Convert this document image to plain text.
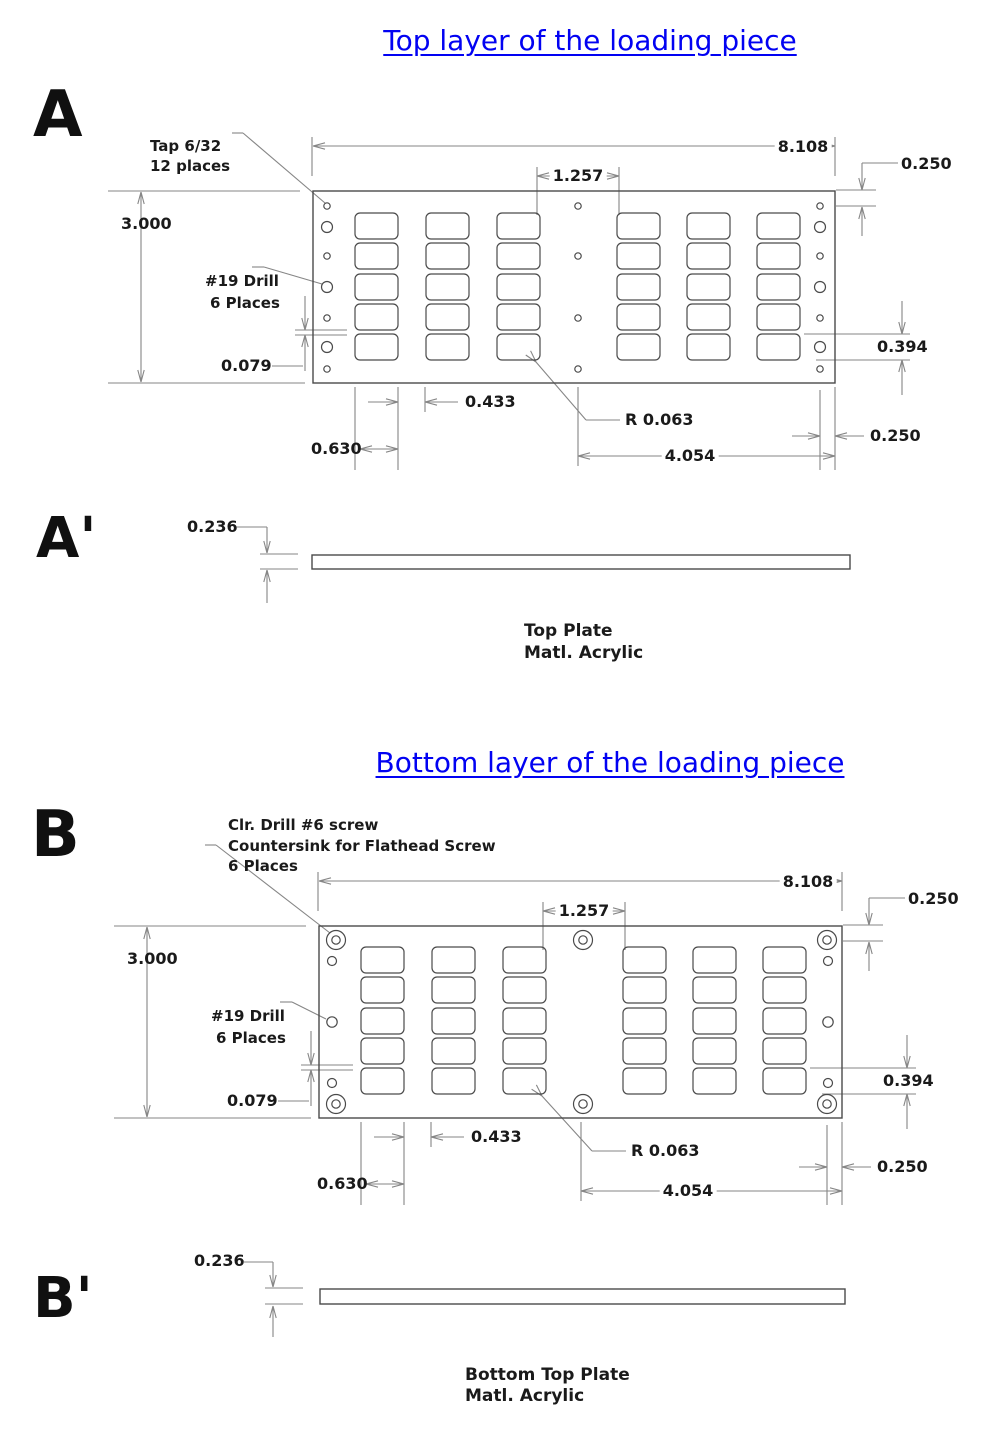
Top layer of the loading piece
A	Tap 6/32
12 places
#19 Drill
6 Places
8.108
0.250
1.257
3.000
0.079
0.394
0.433
0.630
R 0.063
4.054
0.250
A'	0.236
Top Plate
Matl. Acrylic
Bottom layer of the loading piece
B	Clr. Drill #6 screw
Countersink for Flathead Screw
6 Places
#19 Drill
6 Places
8.108
0.250
1.257
3.000
0.079
0.394
0.433
0.630
R 0.063
4.054
0.250
B'
0.236
Bottom Top Plate
Matl. Acrylic
